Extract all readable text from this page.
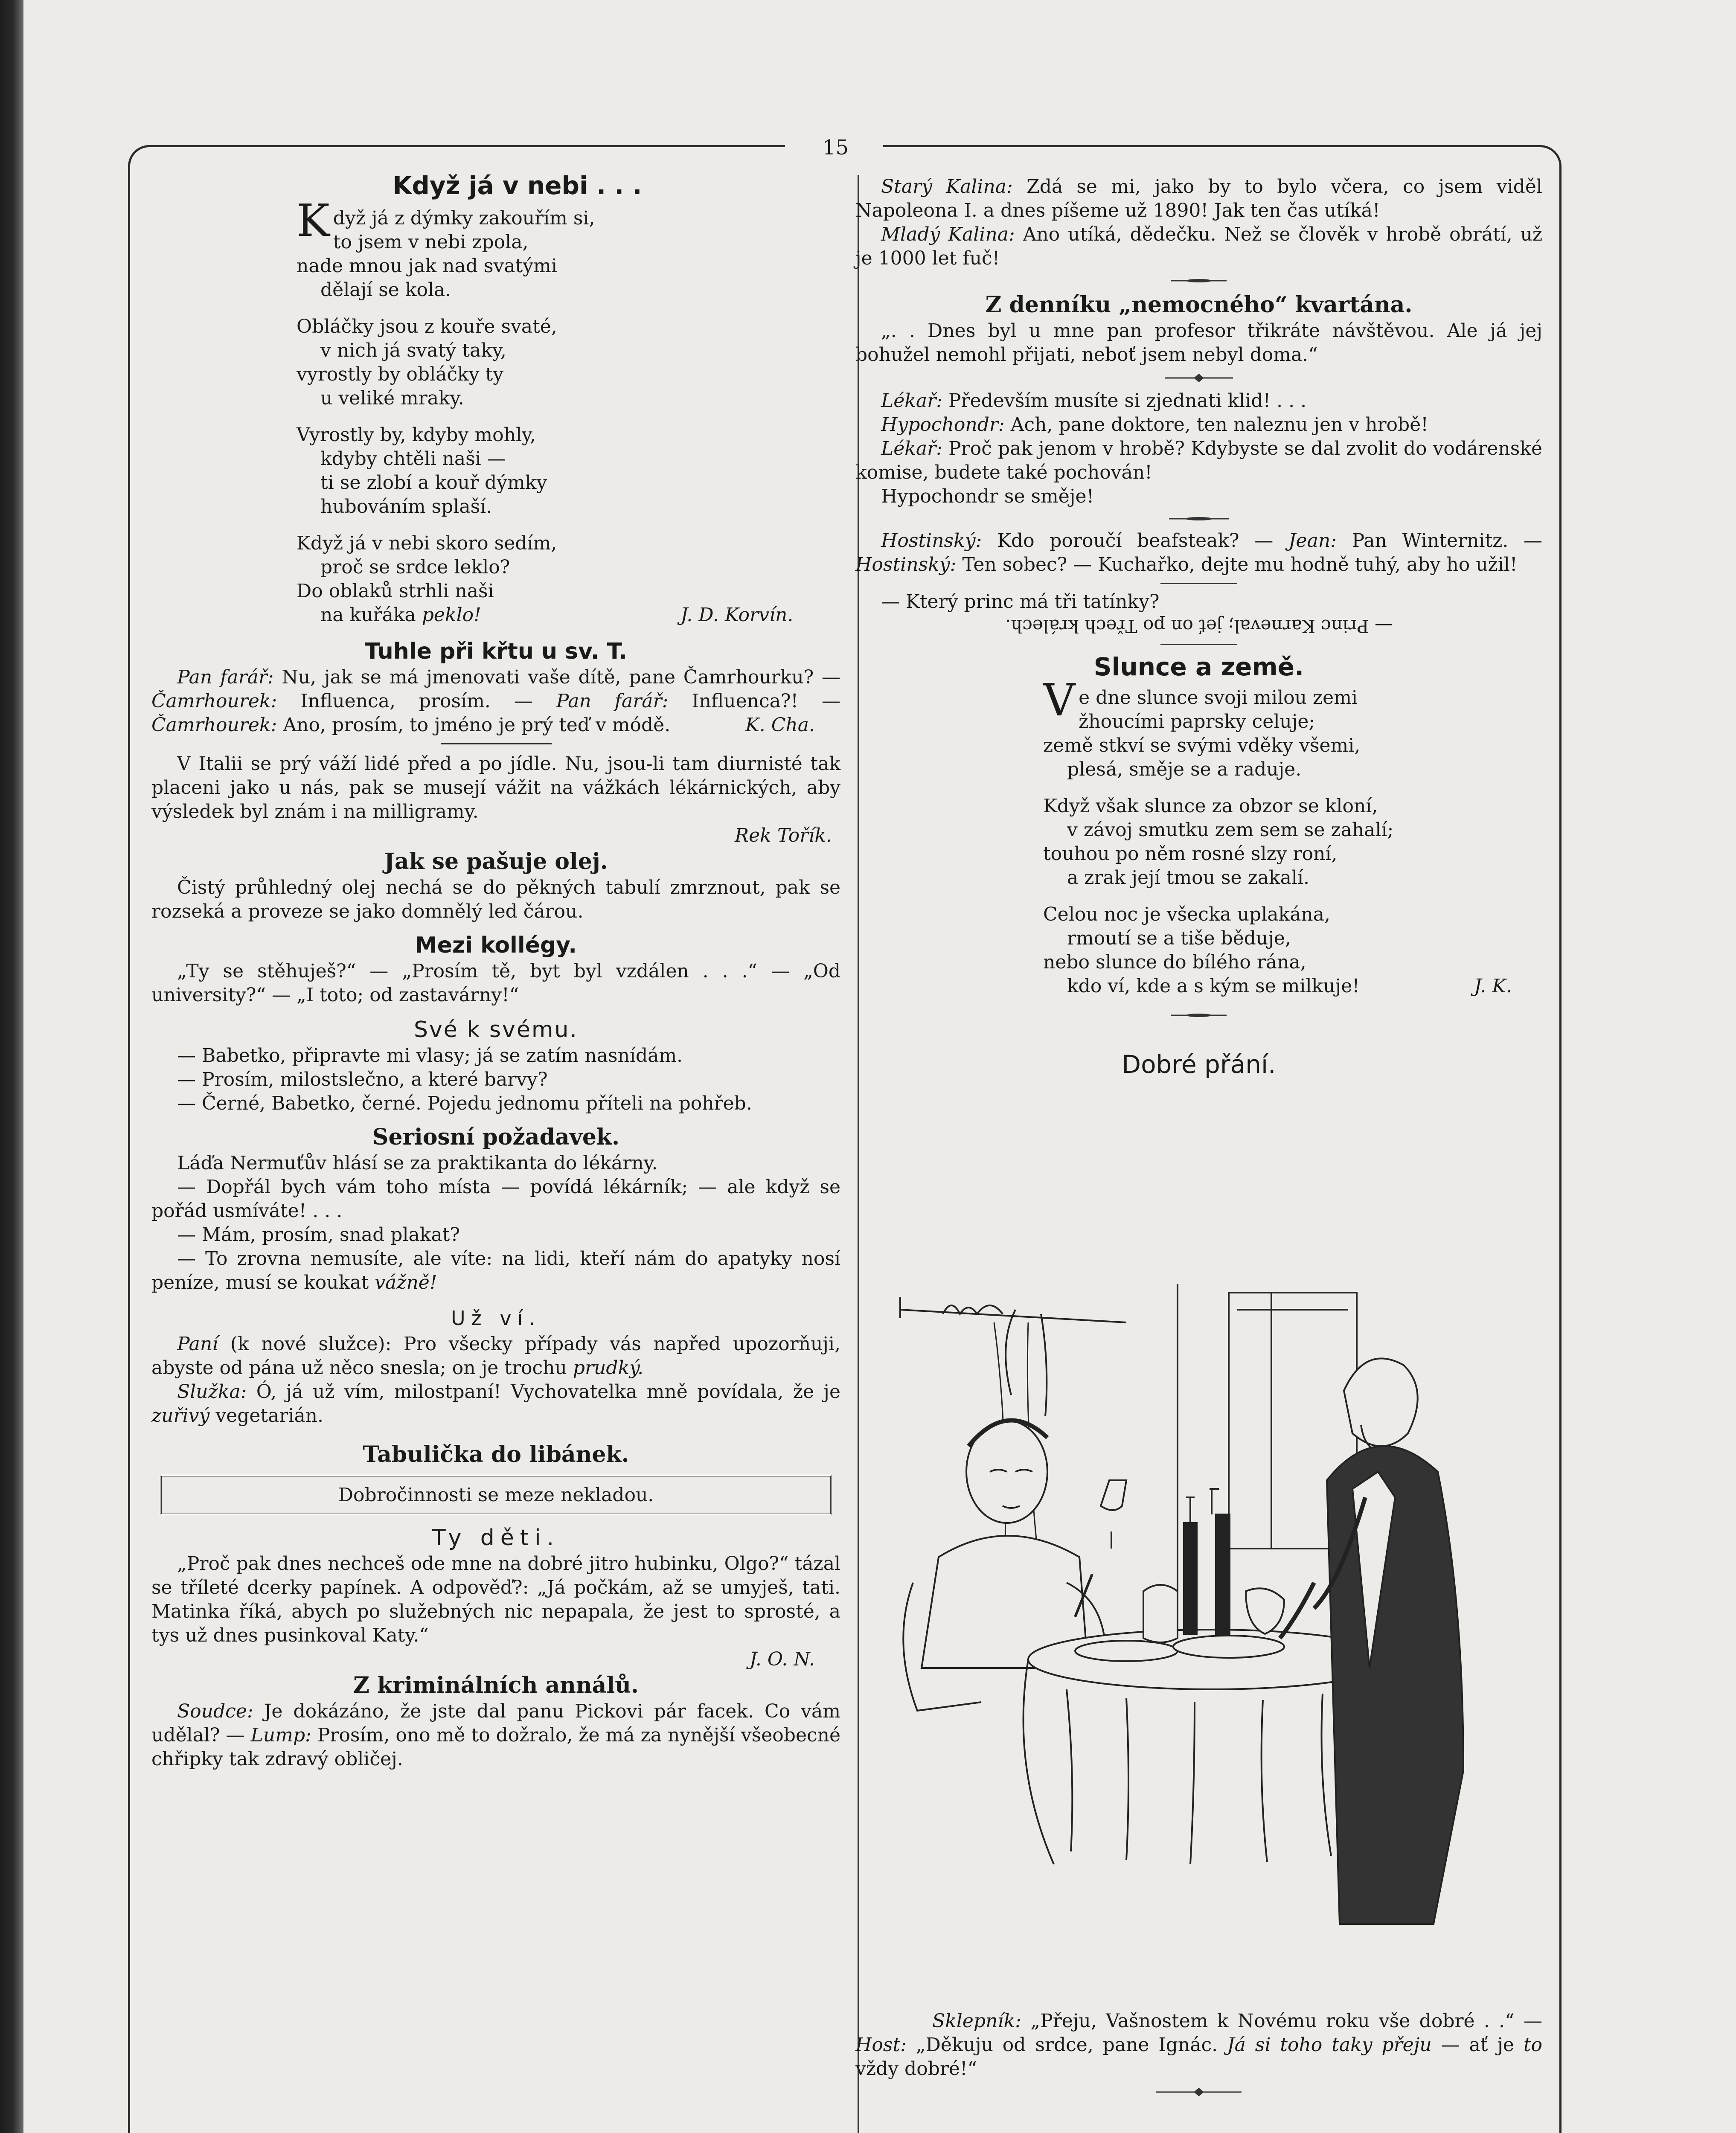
15
Když já v nebi . . .
Když já z dýmky zakouřím si,
to jsem v nebi zpola,
nade mnou jak nad svatými
dělají se kola.
Obláčky jsou z kouře svaté,
v nich já svatý taky,
vyrostly by obláčky ty
u veliké mraky.
Vyrostly by, kdyby mohly,
kdyby chtěli naši —
ti se zlobí a kouř dýmky
hubováním splaší.
Když já v nebi skoro sedím,
proč se srdce leklo?
Do oblaků strhli naši
na kuřáka peklo!	J. D. Korvín.
Tuhle při křtu u sv. T.

Pan farář: Nu, jak se má jmenovati vaše dítě, pane Čamrhourku? — Čamrhourek: Influenca, prosím. — Pan farář: Influenca?! — Čamrhourek: Ano, prosím, to jméno je prý teď v módě.	K. Cha.

V Italii se prý váží lidé před a po jídle. Nu, jsou-li tam diurnisté tak placeni jako u nás, pak se musejí vážit na vážkách lékárnických, aby výsledek byl znám i na milligramy.

Rek Tořík.
Jak se pašuje olej.

Čistý průhledný olej nechá se do pěkných tabulí zmrznout, pak se rozseká a proveze se jako domnělý led čárou.

Mezi kollégy.

„Ty se stěhuješ?“ — „Prosím tě, byt byl vzdálen . . .“ — „Od university?“ — „I toto; od zastavárny!“

Své k svému.

— Babetko, připravte mi vlasy; já se zatím nasnídám.

— Prosím, milostslečno, a které barvy?

— Černé, Babetko, černé. Pojedu jednomu příteli na pohřeb.

Seriosní požadavek.

Láďa Nermuťův hlásí se za praktikanta do lékárny.

— Dopřál bych vám toho místa — povídá lékárník; — ale když se pořád usmíváte! . . .

— Mám, prosím, snad plakat?

— To zrovna nemusíte, ale víte: na lidi, kteří nám do apatyky nosí peníze, musí se koukat vážně!

Už ví.

Paní (k nové služce): Pro všecky případy vás napřed upozorňuji, abyste od pána už něco snesla; on je trochu prudký.

Služka: Ó, já už vím, milostpaní! Vychovatelka mně povídala, že je zuřivý vegetarián.

Tabulička do libánek.
Dobročinnosti se meze nekladou.
Ty děti.

„Proč pak dnes nechceš ode mne na dobré jitro hubinku, Olgo?“ tázal se tříleté dcerky papínek. A odpověď?: „Já počkám, až se umyješ, tati. Matinka říká, abych po služebných nic nepapala, že jest to sprosté, a tys už dnes pusinkoval Katy.“

J. O. N.
Z kriminálních annálů.

Soudce: Je dokázáno, že jste dal panu Pickovi pár facek. Co vám udělal? — Lump: Prosím, ono mě to dožralo, že má za nynější všeobecné chřipky tak zdravý obličej.

Starý Kalina: Zdá se mi, jako by to bylo včera, co jsem viděl Napoleona I. a dnes píšeme už 1890! Jak ten čas utíká!

Mladý Kalina: Ano utíká, dědečku. Než se člověk v hrobě obrátí, už je 1000 let fuč!

Z denníku „nemocného“ kvartána.

„. . Dnes byl u mne pan profesor třikráte návštěvou. Ale já jej bohužel nemohl přijati, neboť jsem nebyl doma.“

Lékař: Především musíte si zjednati klid! . . .

Hypochondr: Ach, pane doktore, ten naleznu jen v hrobě!

Lékař: Proč pak jenom v hrobě? Kdybyste se dal zvolit do vodárenské komise, budete také pochován!

Hypochondr se směje!

Hostinský: Kdo poroučí beafsteak? — Jean: Pan Winternitz. — Hostinský: Ten sobec? — Kuchařko, dejte mu hodně tuhý, aby ho užil!

— Který princ má tři tatínky?

— Princ Karneval; jeť on po Třech králech.
Slunce a země.
Ve dne slunce svoji milou zemi
žhoucími paprsky celuje;
země stkví se svými vděky všemi,
plesá, směje se a raduje.
Když však slunce za obzor se kloní,
v závoj smutku zem sem se zahalí;
touhou po něm rosné slzy roní,
a zrak její tmou se zakalí.
Celou noc je všecka uplakána,
rmoutí se a tiše běduje,
nebo slunce do bílého rána,
kdo ví, kde a s kým se milkuje!	J. K.
Dobré přání.

Sklepník: „Přeju, Vašnostem k Novému roku vše dobré . .“ — Host: „Děkuju od srdce, pane Ignác. Já si toho taky přeju — ať je to vždy dobré!“
